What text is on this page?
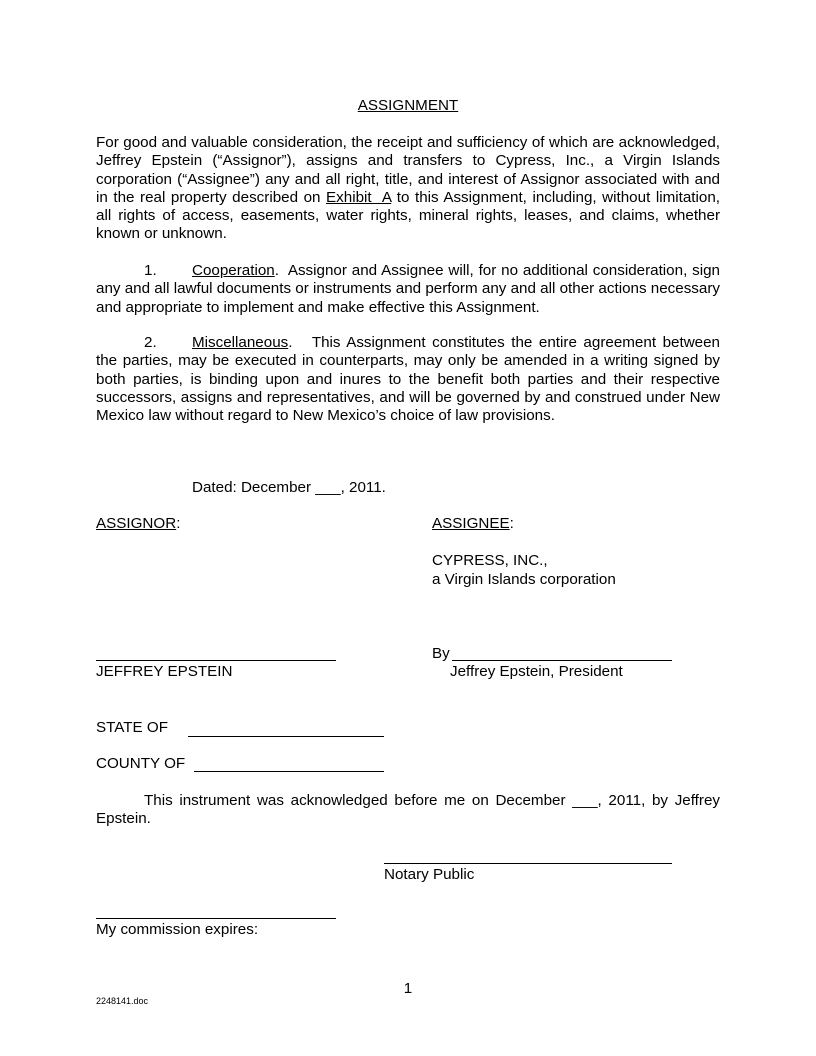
ASSIGNMENT
For good and valuable consideration, the receipt and sufficiency of which are acknowledged, Jeffrey Epstein (“Assignor”), assigns and transfers to Cypress, Inc., a Virgin Islands corporation (“Assignee”) any and all right, title, and interest of Assignor associated with and in the real property described on Exhibit  A to this Assignment, including, without limitation, all rights of access, easements, water rights, mineral rights, leases, and claims, whether known or unknown.
1. Cooperation.  Assignor and Assignee will, for no additional consideration, sign any and all lawful documents or instruments and perform any and all other actions necessary and appropriate to implement and make effective this Assignment.
2. Miscellaneous.   This Assignment constitutes the entire agreement between the parties, may be executed in counterparts, may only be amended in a writing signed by both parties, is binding upon and inures to the benefit both parties and their respective successors, assigns and representatives, and will be governed by and construed under New Mexico law without regard to New Mexico’s choice of law provisions.
Dated: December ___, 2011.
ASSIGNOR:	ASSIGNEE:
CYPRESS, INC.,
a Virgin Islands corporation
JEFFREY EPSTEIN
By
Jeffrey Epstein, President
STATE OF
COUNTY OF
This instrument was acknowledged before me on December ___, 2011, by Jeffrey Epstein.
Notary Public
My commission expires:
1
2248141.doc
